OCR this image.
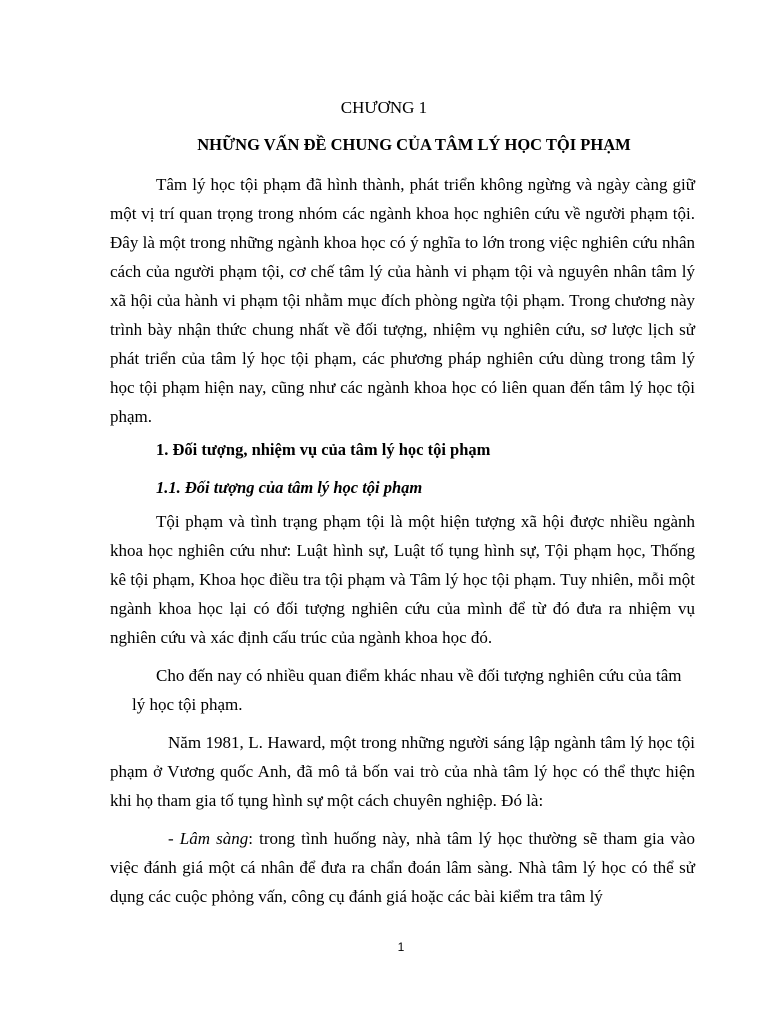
CHƯƠNG 1
NHỮNG VẤN ĐỀ CHUNG CỦA TÂM LÝ HỌC TỘI PHẠM

Tâm lý học tội phạm đã hình thành, phát triển không ngừng và ngày càng giữ một vị trí quan trọng trong nhóm các ngành khoa học nghiên cứu về người phạm tội. Đây là một trong những ngành khoa học có ý nghĩa to lớn trong việc nghiên cứu nhân cách của người phạm tội, cơ chế tâm lý của hành vi phạm tội và nguyên nhân tâm lý xã hội của hành vi phạm tội nhằm mục đích phòng ngừa tội phạm. Trong chương này trình bày nhận thức chung nhất về đối tượng, nhiệm vụ nghiên cứu, sơ lược lịch sử phát triển của tâm lý học tội phạm, các phương pháp nghiên cứu dùng trong tâm lý học tội phạm hiện nay, cũng như các ngành khoa học có liên quan đến tâm lý học tội phạm.

1. Đối tượng, nhiệm vụ của tâm lý học tội phạm
1.1. Đối tượng của tâm lý học tội phạm

Tội phạm và tình trạng phạm tội là một hiện tượng xã hội được nhiều ngành khoa học nghiên cứu như: Luật hình sự, Luật tố tụng hình sự, Tội phạm học, Thống kê tội phạm, Khoa học điều tra tội phạm và Tâm lý học tội phạm. Tuy nhiên, mỗi một ngành khoa học lại có đối tượng nghiên cứu của mình để từ đó đưa ra nhiệm vụ nghiên cứu và xác định cấu trúc của ngành khoa học đó.

Cho đến nay có nhiều quan điểm khác nhau về đối tượng nghiên cứu của tâm lý học tội phạm.

Năm 1981, L. Haward, một trong những người sáng lập ngành tâm lý học tội phạm ở Vương quốc Anh, đã mô tả bốn vai trò của nhà tâm lý học có thể thực hiện khi họ tham gia tố tụng hình sự một cách chuyên nghiệp. Đó là:

- Lâm sàng: trong tình huống này, nhà tâm lý học thường sẽ tham gia vào việc đánh giá một cá nhân để đưa ra chẩn đoán lâm sàng. Nhà tâm lý học có thể sử dụng các cuộc phỏng vấn, công cụ đánh giá hoặc các bài kiểm tra tâm lý

1
